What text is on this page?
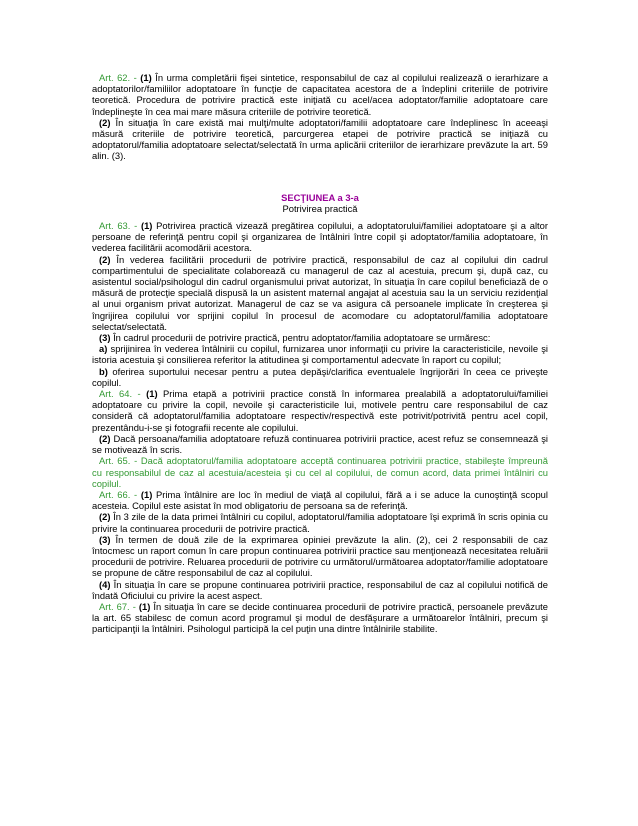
Art. 62. - (1) În urma completării fişei sintetice, responsabilul de caz al copilului realizează o ierarhizare a adoptatorilor/familiilor adoptatoare în funcţie de capacitatea acestora de a îndeplini criteriile de potrivire teoretică. Procedura de potrivire practică este iniţiată cu acel/acea adoptator/familie adoptatoare care îndeplineşte în cea mai mare măsura criteriile de potrivire teoretică.

(2) În situaţia în care există mai mulţi/multe adoptatori/familii adoptatoare care îndeplinesc în aceeaşi măsură criteriile de potrivire teoretică, parcurgerea etapei de potrivire practică se iniţiază cu adoptatorul/familia adoptatoare selectat/selectată în urma aplicării criteriilor de ierarhizare prevăzute la art. 59 alin. (3).

SECŢIUNEA a 3-a

Potrivirea practică

Art. 63. - (1) Potrivirea practică vizează pregătirea copilului, a adoptatorului/familiei adoptatoare şi a altor persoane de referinţă pentru copil şi organizarea de întâlniri între copil şi adoptator/familia adoptatoare, în vederea facilitării acomodării acestora.

(2) În vederea facilitării procedurii de potrivire practică, responsabilul de caz al copilului din cadrul compartimentului de specialitate colaborează cu managerul de caz al acestuia, precum şi, după caz, cu asistentul social/psihologul din cadrul organismului privat autorizat, în situaţia în care copilul beneficiază de o măsură de protecţie specială dispusă la un asistent maternal angajat al acestuia sau la un serviciu rezidenţial al unui organism privat autorizat. Managerul de caz se va asigura că persoanele implicate în creşterea şi îngrijirea copilului vor sprijini copilul în procesul de acomodare cu adoptatorul/familia adoptatoare selectat/selectată.

(3) În cadrul procedurii de potrivire practică, pentru adoptator/familia adoptatoare se urmăresc:

a) sprijinirea în vederea întâlnirii cu copilul, furnizarea unor informaţii cu privire la caracteristicile, nevoile şi istoria acestuia şi consilierea referitor la atitudinea şi comportamentul adecvate în raport cu copilul;

b) oferirea suportului necesar pentru a putea depăşi/clarifica eventualele îngrijorări în ceea ce priveşte copilul.

Art. 64. - (1) Prima etapă a potrivirii practice constă în informarea prealabilă a adoptatorului/familiei adoptatoare cu privire la copil, nevoile şi caracteristicile lui, motivele pentru care responsabilul de caz consideră că adoptatorul/familia adoptatoare respectiv/respectivă este potrivit/potrivită pentru acel copil, prezentându-i-se şi fotografii recente ale copilului.

(2) Dacă persoana/familia adoptatoare refuză continuarea potrivirii practice, acest refuz se consemnează şi se motivează în scris.

Art. 65. - Dacă adoptatorul/familia adoptatoare acceptă continuarea potrivirii practice, stabileşte împreună cu responsabilul de caz al acestuia/acesteia şi cu cel al copilului, de comun acord, data primei întâlniri cu copilul.

Art. 66. - (1) Prima întâlnire are loc în mediul de viaţă al copilului, fără a i se aduce la cunoştinţă scopul acesteia. Copilul este asistat în mod obligatoriu de persoana sa de referinţă.

(2) În 3 zile de la data primei întâlniri cu copilul, adoptatorul/familia adoptatoare îşi exprimă în scris opinia cu privire la continuarea procedurii de potrivire practică.

(3) În termen de două zile de la exprimarea opiniei prevăzute la alin. (2), cei 2 responsabili de caz întocmesc un raport comun în care propun continuarea potrivirii practice sau menţionează necesitatea reluării procedurii de potrivire. Reluarea procedurii de potrivire cu următorul/următoarea adoptator/familie adoptatoare se propune de către responsabilul de caz al copilului.

(4) În situaţia în care se propune continuarea potrivirii practice, responsabilul de caz al copilului notifică de îndată Oficiului cu privire la acest aspect.

Art. 67. - (1) În situaţia în care se decide continuarea procedurii de potrivire practică, persoanele prevăzute la art. 65 stabilesc de comun acord programul şi modul de desfăşurare a următoarelor întâlniri, precum şi participanţii la întâlniri. Psihologul participă la cel puţin una dintre întâlnirile stabilite.
